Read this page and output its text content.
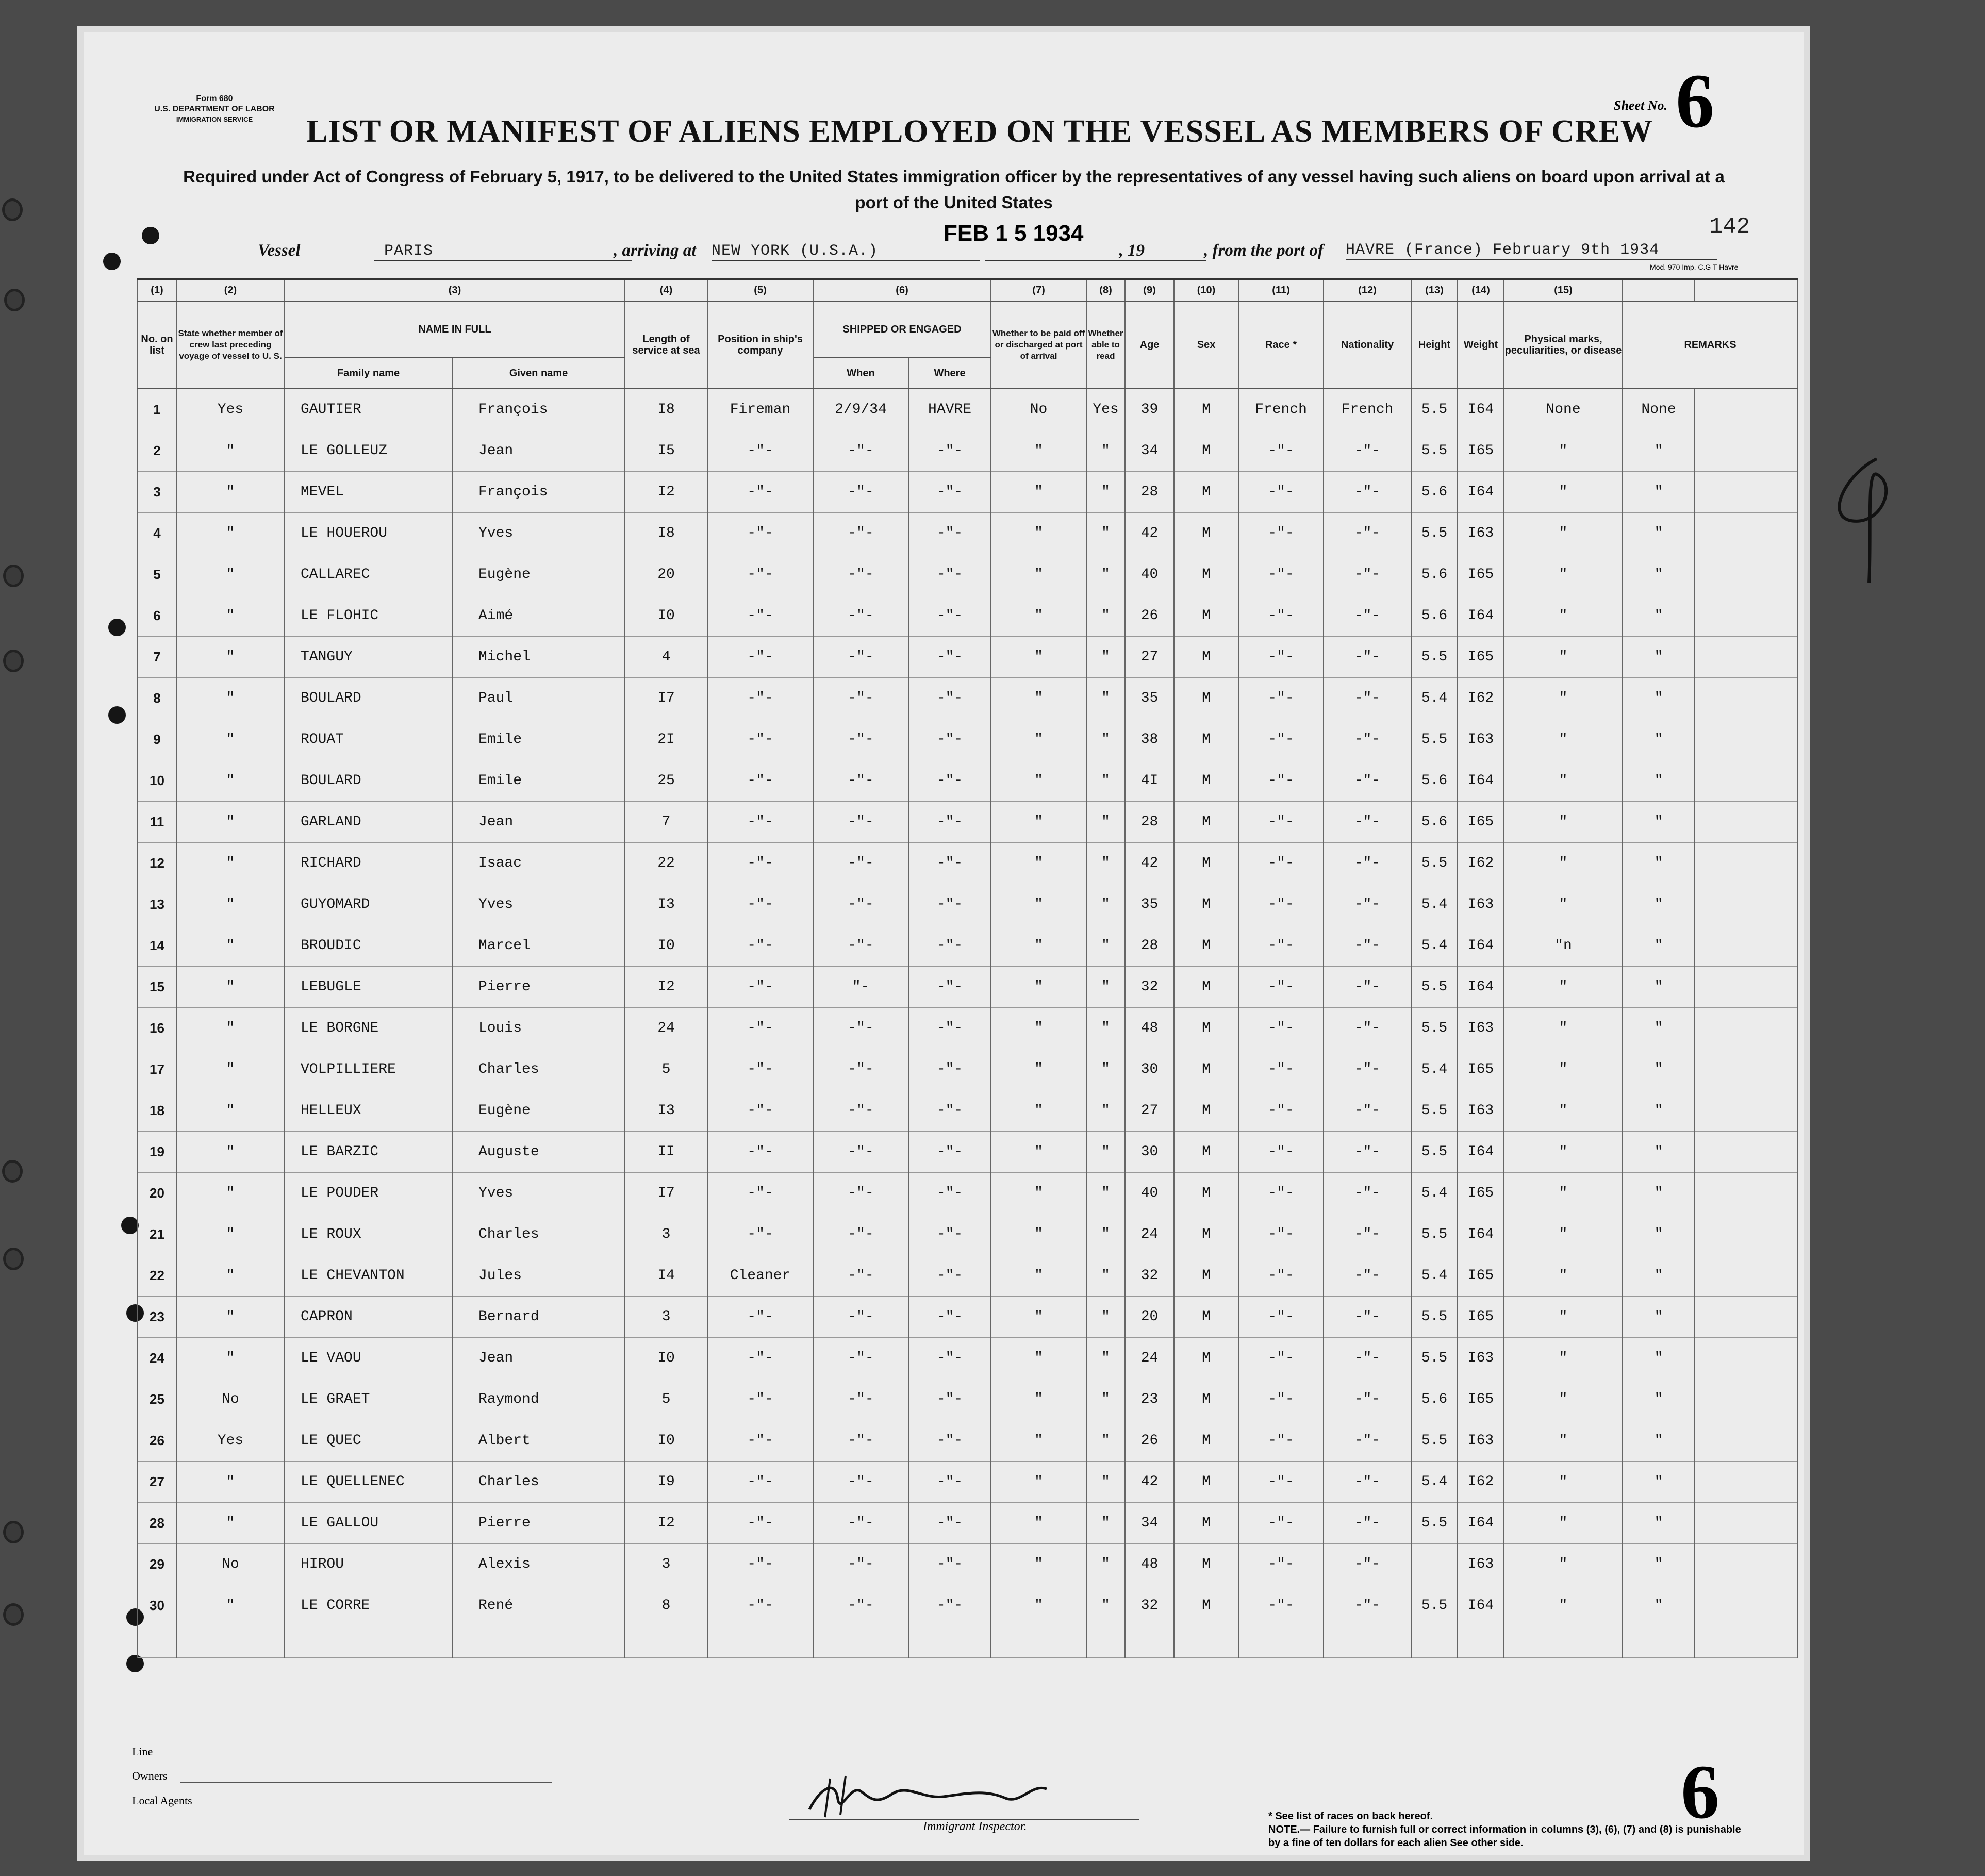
Form 680
U.S. DEPARTMENT OF LABOR
IMMIGRATION SERVICE	LIST OR MANIFEST OF ALIENS EMPLOYED ON THE VESSEL AS MEMBERS OF CREW
Sheet No. 6
Required under Act of Congress of February 5, 1917, to be delivered to the United States immigration officer by the representatives of any vessel having such aliens on board upon arrival at a
port of the United States
FEB 1 5 1934	142
Vessel	PARIS	, arriving at NEW YORK (U.S.A.)	, 19	, from the port of HAVRE (France) February 9th 1934
Mod. 970 Imp. C.G T Havre
(1)	(2)	(3)		(4)	(5)	(6)		(7)	(8)	(9)	(10)	(11)	(12)	(13)	(14)	(15)		
No. on list	State whether member of crew last preceding voyage of vessel to U. S.	NAME IN FULL		Length of service at sea	Position in ship's company	SHIPPED OR ENGAGED		Whether to be paid off or discharged at port of arrival	Whether able to read	Age	Sex	Race *	Nationality	Height	Weight	Physical marks, peculiarities, or disease	REMARKS	
		Family name	Given name			When	Where											
1	Yes	GAUTIER	François	I8	Fireman	2/9/34	HAVRE	No	Yes	39	M	French	French	5.5	I64	None	None	
2	"	LE GOLLEUZ	Jean	I5	-"-	-"-	-"-	"	"	34	M	-"-	-"-	5.5	I65	"	"	
3	"	MEVEL	François	I2	-"-	-"-	-"-	"	"	28	M	-"-	-"-	5.6	I64	"	"	
4	"	LE HOUEROU	Yves	I8	-"-	-"-	-"-	"	"	42	M	-"-	-"-	5.5	I63	"	"	
5	"	CALLAREC	Eugène	20	-"-	-"-	-"-	"	"	40	M	-"-	-"-	5.6	I65	"	"	
6	"	LE FLOHIC	Aimé	I0	-"-	-"-	-"-	"	"	26	M	-"-	-"-	5.6	I64	"	"	
7	"	TANGUY	Michel	4	-"-	-"-	-"-	"	"	27	M	-"-	-"-	5.5	I65	"	"	
8	"	BOULARD	Paul	I7	-"-	-"-	-"-	"	"	35	M	-"-	-"-	5.4	I62	"	"	
9	"	ROUAT	Emile	2I	-"-	-"-	-"-	"	"	38	M	-"-	-"-	5.5	I63	"	"	
10	"	BOULARD	Emile	25	-"-	-"-	-"-	"	"	4I	M	-"-	-"-	5.6	I64	"	"	
11	"	GARLAND	Jean	7	-"-	-"-	-"-	"	"	28	M	-"-	-"-	5.6	I65	"	"	
12	"	RICHARD	Isaac	22	-"-	-"-	-"-	"	"	42	M	-"-	-"-	5.5	I62	"	"	
13	"	GUYOMARD	Yves	I3	-"-	-"-	-"-	"	"	35	M	-"-	-"-	5.4	I63	"	"	
14	"	BROUDIC	Marcel	I0	-"-	-"-	-"-	"	"	28	M	-"-	-"-	5.4	I64	"n	"	
15	"	LEBUGLE	Pierre	I2	-"-	"-	-"-	"	"	32	M	-"-	-"-	5.5	I64	"	"	
16	"	LE BORGNE	Louis	24	-"-	-"-	-"-	"	"	48	M	-"-	-"-	5.5	I63	"	"	
17	"	VOLPILLIERE	Charles	5	-"-	-"-	-"-	"	"	30	M	-"-	-"-	5.4	I65	"	"	
18	"	HELLEUX	Eugène	I3	-"-	-"-	-"-	"	"	27	M	-"-	-"-	5.5	I63	"	"	
19	"	LE BARZIC	Auguste	II	-"-	-"-	-"-	"	"	30	M	-"-	-"-	5.5	I64	"	"	
20	"	LE POUDER	Yves	I7	-"-	-"-	-"-	"	"	40	M	-"-	-"-	5.4	I65	"	"	
21	"	LE ROUX	Charles	3	-"-	-"-	-"-	"	"	24	M	-"-	-"-	5.5	I64	"	"	
22	"	LE CHEVANTON	Jules	I4	Cleaner	-"-	-"-	"	"	32	M	-"-	-"-	5.4	I65	"	"	
23	"	CAPRON	Bernard	3	-"-	-"-	-"-	"	"	20	M	-"-	-"-	5.5	I65	"	"	
24	"	LE VAOU	Jean	I0	-"-	-"-	-"-	"	"	24	M	-"-	-"-	5.5	I63	"	"	
25	No	LE GRAET	Raymond	5	-"-	-"-	-"-	"	"	23	M	-"-	-"-	5.6	I65	"	"	
26	Yes	LE QUEC	Albert	I0	-"-	-"-	-"-	"	"	26	M	-"-	-"-	5.5	I63	"	"	
27	"	LE QUELLENEC	Charles	I9	-"-	-"-	-"-	"	"	42	M	-"-	-"-	5.4	I62	"	"	
28	"	LE GALLOU	Pierre	I2	-"-	-"-	-"-	"	"	34	M	-"-	-"-	5.5	I64	"	"	
29	No	HIROU	Alexis	3	-"-	-"-	-"-	"	"	48	M	-"-	-"-		I63	"	"	
30	"	LE CORRE	René	8	-"-	-"-	-"-	"	"	32	M	-"-	-"-	5.5	I64	"	"	

Line
Owners
Local Agents
Immigrant Inspector.
* See list of races on back hereof.
NOTE.— Failure to furnish full or correct information in columns (3), (6), (7) and (8) is punishable by a fine of ten dollars for each alien See other side.
6
